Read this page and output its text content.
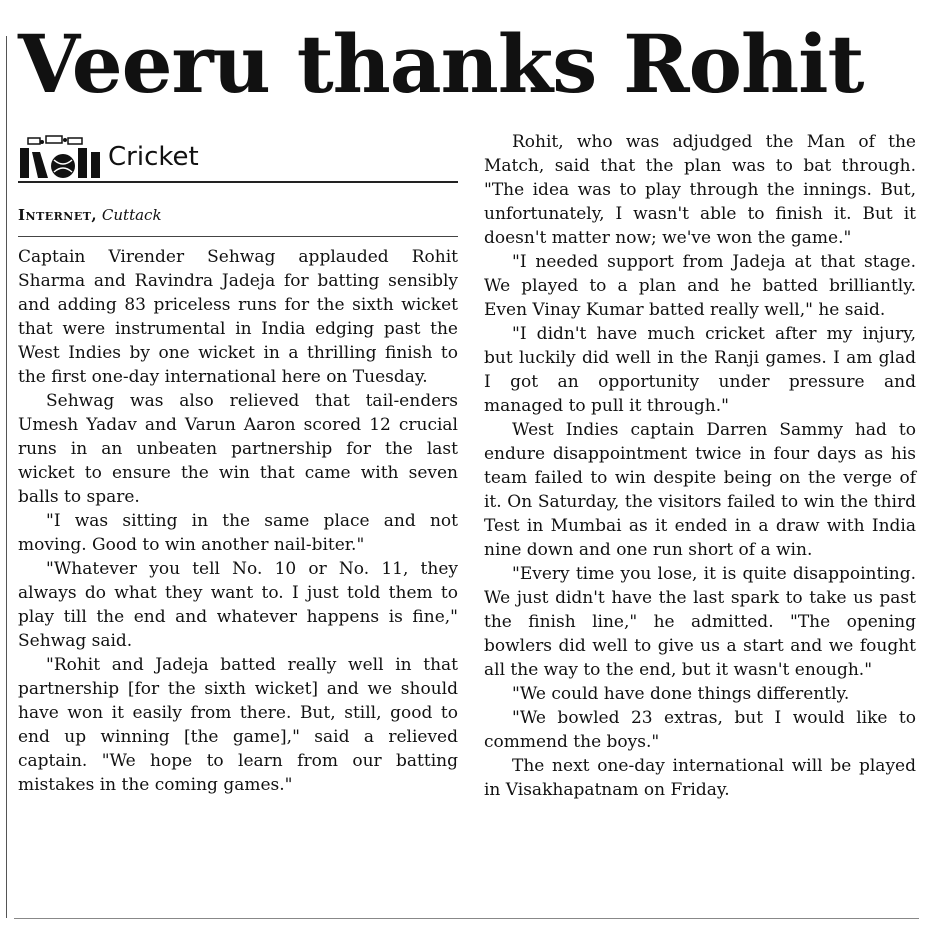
Veeru thanks Rohit
Cricket
Internet, Cuttack

Captain Virender Sehwag applauded Rohit Sharma and Ravindra Jadeja for batting sensibly and adding 83 priceless runs for the sixth wicket that were instrumental in India edging past the West Indies by one wicket in a thrilling finish to the first one-day international here on Tuesday.

Sehwag was also relieved that tail-enders Umesh Yadav and Varun Aaron scored 12 crucial runs in an unbeaten partnership for the last wicket to ensure the win that came with seven balls to spare.

"I was sitting in the same place and not moving. Good to win another nail-biter."

"Whatever you tell No. 10 or No. 11, they always do what they want to. I just told them to play till the end and whatever happens is fine," Sehwag said.

"Rohit and Jadeja batted really well in that partnership [for the sixth wicket] and we should have won it easily from there. But, still, good to end up winning [the game]," said a relieved captain. "We hope to learn from our batting mistakes in the coming games."

Rohit, who was adjudged the Man of the Match, said that the plan was to bat through. "The idea was to play through the innings. But, unfortunately, I wasn't able to finish it. But it doesn't matter now; we've won the game."

"I needed support from Jadeja at that stage. We played to a plan and he batted brilliantly. Even Vinay Kumar batted really well," he said.

"I didn't have much cricket after my injury, but luckily did well in the Ranji games. I am glad I got an opportunity under pressure and managed to pull it through."

West Indies captain Darren Sammy had to endure disappointment twice in four days as his team failed to win despite being on the verge of it. On Saturday, the visitors failed to win the third Test in Mumbai as it ended in a draw with India nine down and one run short of a win.

"Every time you lose, it is quite disappointing. We just didn't have the last spark to take us past the finish line," he admitted. "The opening bowlers did well to give us a start and we fought all the way to the end, but it wasn't enough."

"We could have done things differently.

"We bowled 23 extras, but I would like to commend the boys."

The next one-day international will be played in Visakhapatnam on Friday.
